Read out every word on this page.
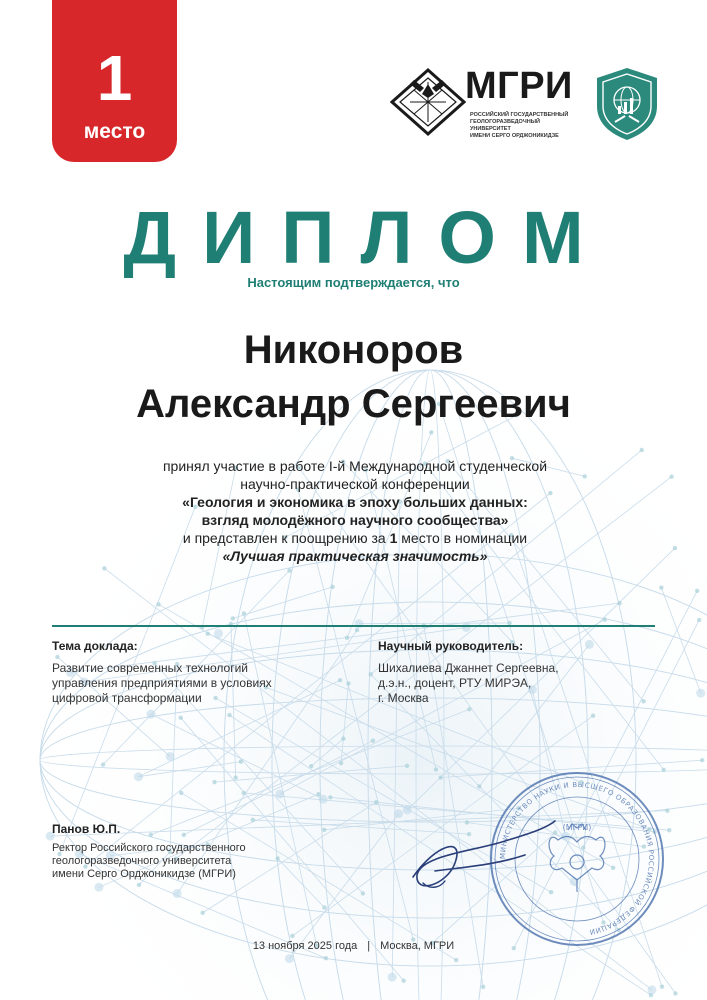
1
место
МГРИ
РОССИЙСКИЙ ГОСУДАРСТВЕННЫЙ
ГЕОЛОГОРАЗВЕДОЧНЫЙ УНИВЕРСИТЕТ
ИМЕНИ СЕРГО ОРДЖОНИКИДЗЕ
ДИПЛОМ
Настоящим подтверждается, что
Никоноров
Александр Сергеевич
принял участие в работе I-й Международной студенческой
научно-практической конференции
«Геология и экономика в эпоху больших данных:
взгляд молодёжного научного сообщества»
и представлен к поощрению за 1 место в номинации
«Лучшая практическая значимость»
Тема доклада:
Развитие современных технологий
управления предприятиями в условиях
цифровой трансформации
Научный руководитель:
Шихалиева Джаннет Сергеевна,
д.э.н., доцент, РТУ МИРЭА,
г. Москва
Панов Ю.П.
Ректор Российского государственного
геологоразведочного университета
имени Серго Орджоникидзе (МГРИ)
МИНИСТЕРСТВО НАУКИ И ВЫСШЕГО ОБРАЗОВАНИЯ РОССИЙСКОЙ ФЕДЕРАЦИИ
(МГРИ)
13 ноября 2025 года | Москва, МГРИ
